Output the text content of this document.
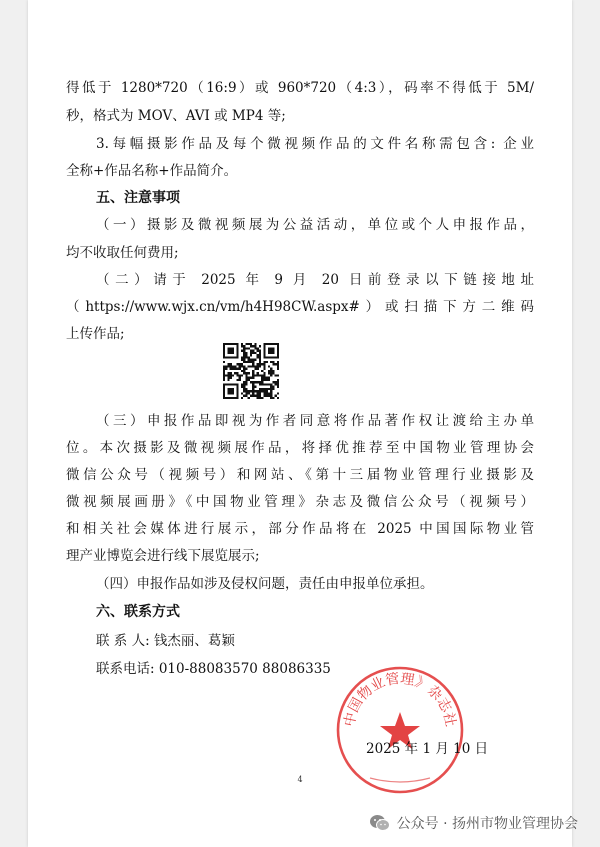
得低于 1280*720（16:9）或 960*720（4:3），码率不得低于 5M/
秒，格式为 MOV、AVI 或 MP4 等;
3.每幅摄影作品及每个微视频作品的文件名称需包含: 企业
全称+作品名称+作品简介。
五、注意事项
（一）摄影及微视频展为公益活动，单位或个人申报作品，
均不收取任何费用;
（二）请于 2025 年 9 月 20 日前登录以下链接地址
（https://www.wjx.cn/vm/h4H98CW.aspx#）或扫描下方二维码
上传作品;
（三）申报作品即视为作者同意将作品著作权让渡给主办单
位。本次摄影及微视频展作品，将择优推荐至中国物业管理协会
微信公众号（视频号）和网站、《第十三届物业管理行业摄影及
微视频展画册》《中国物业管理》杂志及微信公众号（视频号）
和相关社会媒体进行展示，部分作品将在 2025 中国国际物业管
理产业博览会进行线下展览展示;
（四）申报作品如涉及侵权问题，责任由申报单位承担。
六、联系方式
联 系 人: 钱杰丽、葛颖
联系电话: 010-88083570 88086335
中国物业管理》杂志社
2025 年 1 月 10 日
4
公众号 · 扬州市物业管理协会
